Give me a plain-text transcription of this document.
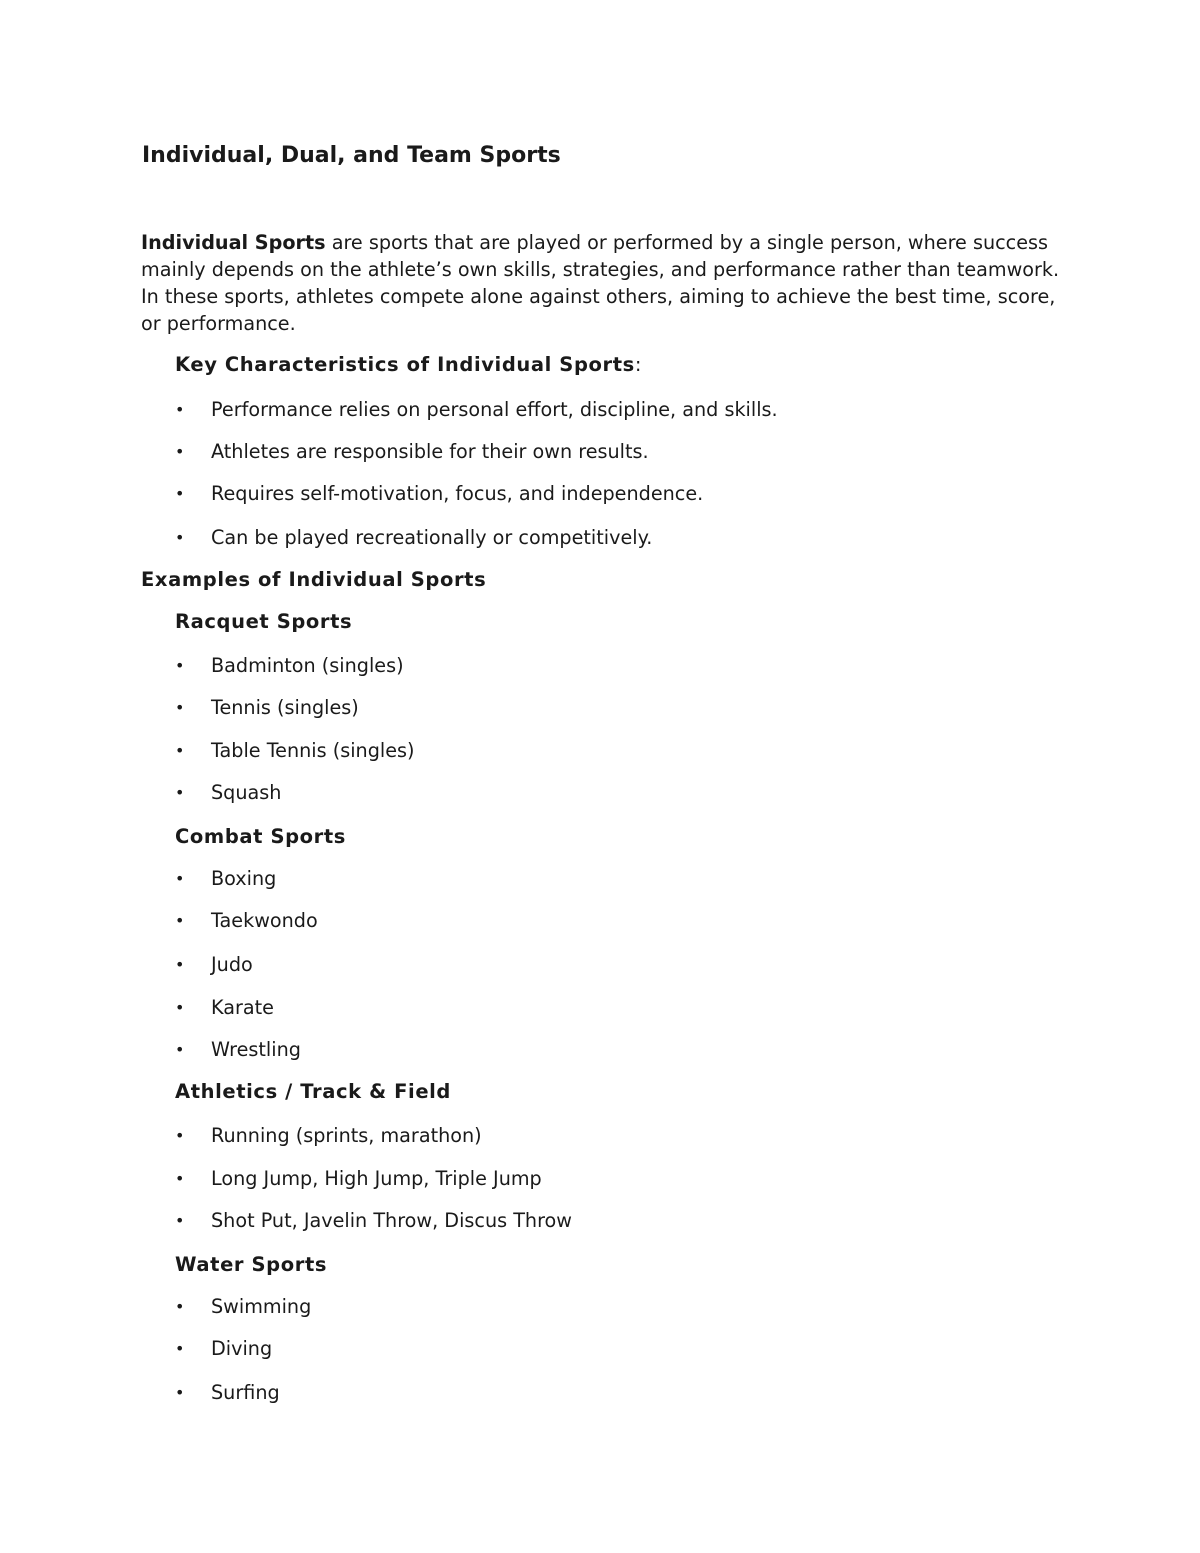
Individual, Dual, and Team Sports

Individual Sports are sports that are played or performed by a single person, where success mainly depends on the athlete’s own skills, strategies, and performance rather than teamwork. In these sports, athletes compete alone against others, aiming to achieve the best time, score, or performance.

Key Characteristics of Individual Sports:
• Performance relies on personal effort, discipline, and skills.
• Athletes are responsible for their own results.
• Requires self-motivation, focus, and independence.
• Can be played recreationally or competitively.
Examples of Individual Sports
Racquet Sports
• Badminton (singles)
• Tennis (singles)
• Table Tennis (singles)
• Squash
Combat Sports
• Boxing
• Taekwondo
• Judo
• Karate
• Wrestling
Athletics / Track & Field
• Running (sprints, marathon)
• Long Jump, High Jump, Triple Jump
• Shot Put, Javelin Throw, Discus Throw
Water Sports
• Swimming
• Diving
• Surfing
